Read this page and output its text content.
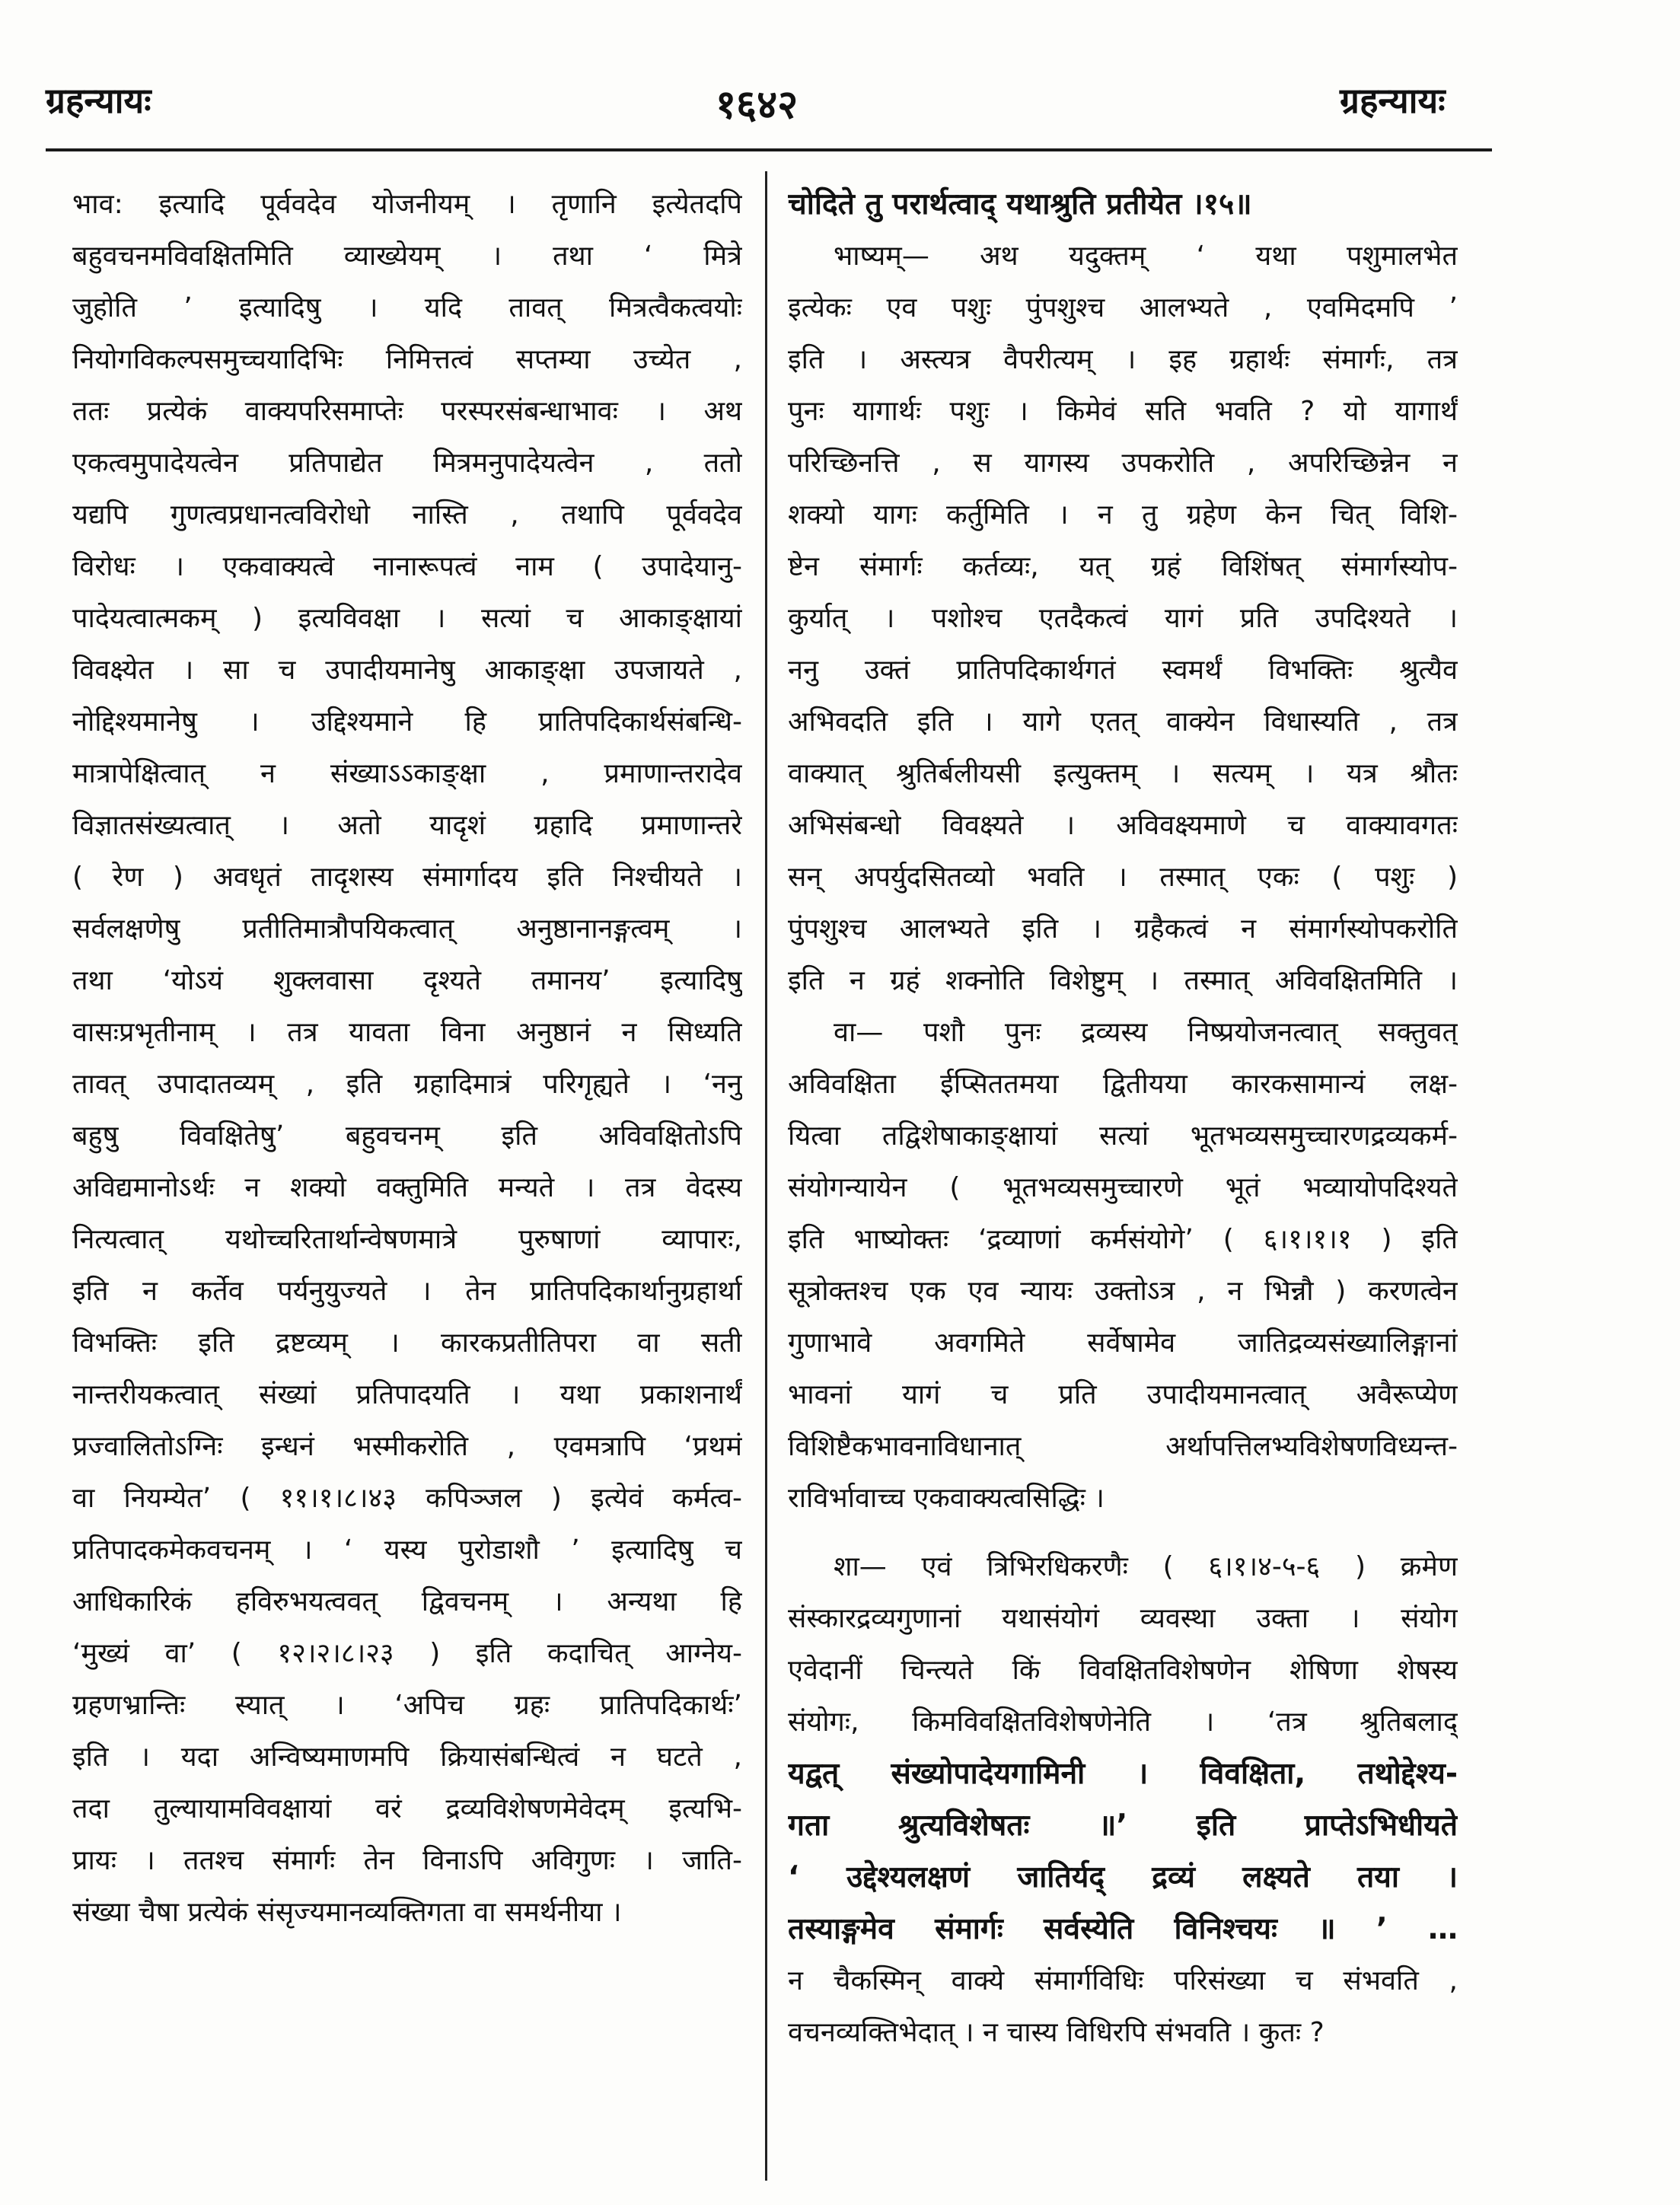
ग्रहन्यायः	१६४२	ग्रहन्यायः
भाव: इत्यादि पूर्ववदेव योजनीयम् । तृणानि इत्येतदपि
बहुवचनमविवक्षितमिति व्याख्येयम् । तथा ‘ मित्रे
जुहोति ’ इत्यादिषु । यदि तावत् मित्रत्वैकत्वयोः
नियोगविकल्पसमुच्चयादिभिः निमित्तत्वं सप्तम्या उच्येत ,
ततः प्रत्येकं वाक्यपरिसमाप्तेः परस्परसंबन्धाभावः । अथ
एकत्वमुपादेयत्वेन प्रतिपाद्येत मित्रमनुपादेयत्वेन , ततो
यद्यपि गुणत्वप्रधानत्वविरोधो नास्ति , तथापि पूर्ववदेव
विरोधः । एकवाक्यत्वे नानारूपत्वं नाम ( उपादेयानु-
पादेयत्वात्मकम् ) इत्यविवक्षा । सत्यां च आकाङ्क्षायां
विवक्ष्येत । सा च उपादीयमानेषु आकाङ्क्षा उपजायते ,
नोद्दिश्यमानेषु । उद्दिश्यमाने हि प्रातिपदिकार्थसंबन्धि-
मात्रापेक्षित्वात् न संख्याऽऽकाङ्क्षा , प्रमाणान्तरादेव
विज्ञातसंख्यत्वात् । अतो यादृशं ग्रहादि प्रमाणान्तरे
( रेण ) अवधृतं तादृशस्य संमार्गादय इति निश्चीयते ।
सर्वलक्षणेषु प्रतीतिमात्रौपयिकत्वात् अनुष्ठानानङ्गत्वम् ।
तथा ‘योऽयं शुक्लवासा दृश्यते तमानय’ इत्यादिषु
वासःप्रभृतीनाम् । तत्र यावता विना अनुष्ठानं न सिध्यति
तावत् उपादातव्यम् , इति ग्रहादिमात्रं परिगृह्यते । ‘ननु
बहुषु विवक्षितेषु’ बहुवचनम् इति अविवक्षितोऽपि
अविद्यमानोऽर्थः न शक्यो वक्तुमिति मन्यते । तत्र वेदस्य
नित्यत्वात् यथोच्चरितार्थान्वेषणमात्रे पुरुषाणां व्यापारः,
इति न कर्तेव पर्यनुयुज्यते । तेन प्रातिपदिकार्थानुग्रहार्था
विभक्तिः इति द्रष्टव्यम् । कारकप्रतीतिपरा वा सती
नान्तरीयकत्वात् संख्यां प्रतिपादयति । यथा प्रकाशनार्थं
प्रज्वालितोऽग्निः इन्धनं भस्मीकरोति , एवमत्रापि ‘प्रथमं
वा नियम्येत’ ( ११।१।८।४३ कपिञ्जल ) इत्येवं कर्मत्व-
प्रतिपादकमेकवचनम् । ‘ यस्य पुरोडाशौ ’ इत्यादिषु च
आधिकारिकं हविरुभयत्ववत् द्विवचनम् । अन्यथा हि
‘मुख्यं वा’ ( १२।२।८।२३ ) इति कदाचित् आग्नेय-
ग्रहणभ्रान्तिः स्यात् । ‘अपिच ग्रहः प्रातिपदिकार्थः’
इति । यदा अन्विष्यमाणमपि क्रियासंबन्धित्वं न घटते ,
तदा तुल्यायामविवक्षायां वरं द्रव्यविशेषणमेवेदम् इत्यभि-
प्रायः । ततश्च संमार्गः तेन विनाऽपि अविगुणः । जाति-
संख्या चैषा प्रत्येकं संसृज्यमानव्यक्तिगता वा समर्थनीया ।
चोदिते तु परार्थत्वाद् यथाश्रुति प्रतीयेत ।१५॥
भाष्यम्— अथ यदुक्तम् ‘ यथा पशुमालभेत
इत्येकः एव पशुः पुंपशुश्च आलभ्यते , एवमिदमपि ’
इति । अस्त्यत्र वैपरीत्यम् । इह ग्रहार्थः संमार्गः, तत्र
पुनः यागार्थः पशुः । किमेवं सति भवति ? यो यागार्थं
परिच्छिनत्ति , स यागस्य उपकरोति , अपरिच्छिन्नेन न
शक्यो यागः कर्तुमिति । न तु ग्रहेण केन चित् विशि-
ष्टेन संमार्गः कर्तव्यः, यत् ग्रहं विशिंषत् संमार्गस्योप-
कुर्यात् । पशोश्च एतदैकत्वं यागं प्रति उपदिश्यते ।
ननु उक्तं प्रातिपदिकार्थगतं स्वमर्थं विभक्तिः श्रुत्यैव
अभिवदति इति । यागे एतत् वाक्येन विधास्यति , तत्र
वाक्यात् श्रुतिर्बलीयसी इत्युक्तम् । सत्यम् । यत्र श्रौतः
अभिसंबन्धो विवक्ष्यते । अविवक्ष्यमाणे च वाक्यावगतः
सन् अपर्युदसितव्यो भवति । तस्मात् एकः ( पशुः )
पुंपशुश्च आलभ्यते इति । ग्रहैकत्वं न संमार्गस्योपकरोति
इति न ग्रहं शक्नोति विशेष्टुम् । तस्मात् अविवक्षितमिति ।
वा— पशौ पुनः द्रव्यस्य निष्प्रयोजनत्वात् सक्तुवत्
अविवक्षिता ईप्सिततमया द्वितीयया कारकसामान्यं लक्ष-
यित्वा तद्विशेषाकाङ्क्षायां सत्यां भूतभव्यसमुच्चारणद्रव्यकर्म-
संयोगन्यायेन ( भूतभव्यसमुच्चारणे भूतं भव्यायोपदिश्यते
इति भाष्योक्तः ‘द्रव्याणां कर्मसंयोगे’ ( ६।१।१।१ ) इति
सूत्रोक्तश्च एक एव न्यायः उक्तोऽत्र , न भिन्नौ ) करणत्वेन
गुणाभावे अवगमिते सर्वेषामेव जातिद्रव्यसंख्यालिङ्गानां
भावनां यागं च प्रति उपादीयमानत्वात् अवैरूप्येण
विशिष्टैकभावनाविधानात् अर्थापत्तिलभ्यविशेषणविध्यन्त-
राविर्भावाच्च एकवाक्यत्वसिद्धिः ।
शा— एवं त्रिभिरधिकरणैः ( ६।१।४-५-६ ) क्रमेण
संस्कारद्रव्यगुणानां यथासंयोगं व्यवस्था उक्ता । संयोग
एवेदानीं चिन्त्यते किं विवक्षितविशेषणेन शेषिणा शेषस्य
संयोगः, किमविवक्षितविशेषणेनेति । ‘तत्र श्रुतिबलाद्
यद्वत् संख्योपादेयगामिनी । विवक्षिता, तथोद्देश्य-
गता श्रुत्यविशेषतः ॥’ इति प्राप्तेऽभिधीयते
‘ उद्देश्यलक्षणं जातिर्यद् द्रव्यं लक्ष्यते तया ।
तस्याङ्गमेव संमार्गः सर्वस्येति विनिश्चयः ॥ ’ …
न चैकस्मिन् वाक्ये संमार्गविधिः परिसंख्या च संभवति ,
वचनव्यक्तिभेदात् । न चास्य विधिरपि संभवति । कुतः ?
